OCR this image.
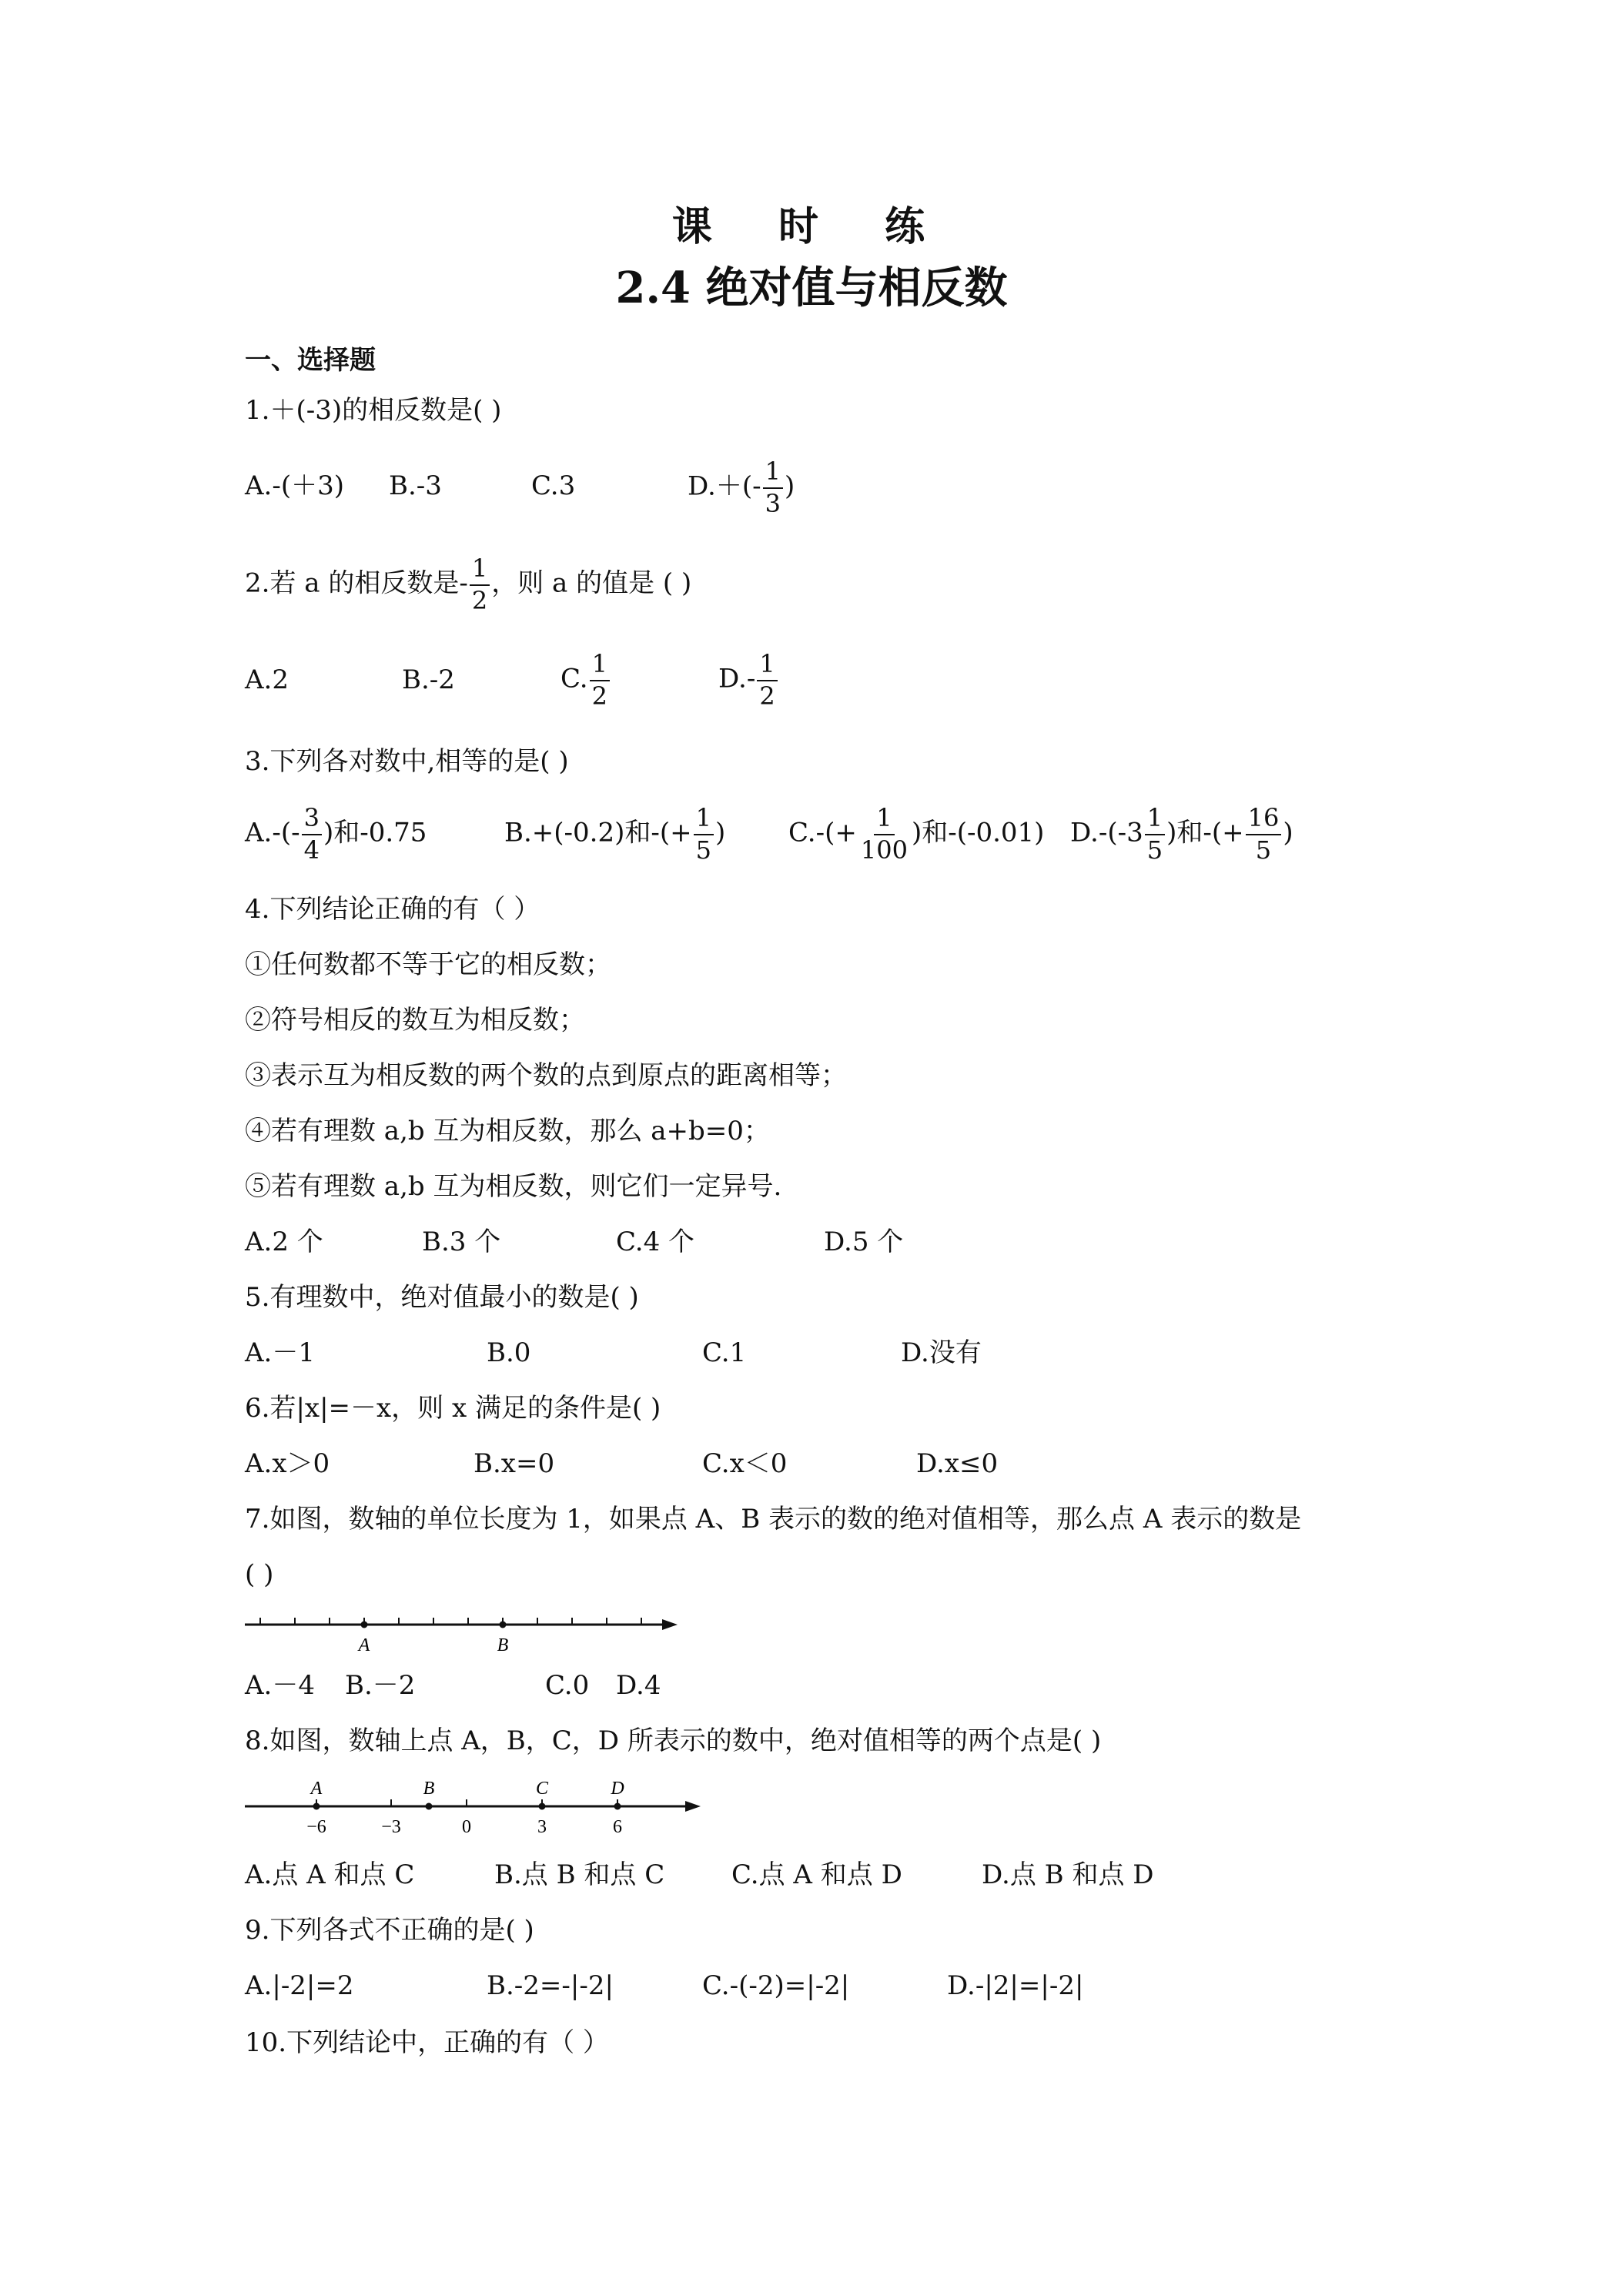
课 时 练
2.4 绝对值与相反数
一、选择题
1.＋(-3)的相反数是( )
A.-(＋3) B.-3	C.3	$D.+(- \frac{1}{3}$ )
2.若 a 的相反数是- $\frac{1}{2}$ ，则 a 的值是 ( )
A.2	B.-2	C. $\frac{1}{2}$	$D.- \frac{1}{2}$
3.下列各对数中,相等的是( )
$A.-(- \frac{3}{4}$ )和-0.75	B.+(-0.2)和-(+ $\frac{1}{5}$ ) $C.-(+ \frac{1}{100}$ )和-(-0.01) $D.-(-3 \frac{1}{5}$ )和-(+ $\frac{16}{5}$ )
4.下列结论正确的有（ ）
①任何数都不等于它的相反数；
②符号相反的数互为相反数；
③表示互为相反数的两个数的点到原点的距离相等；
④若有理数 a,b 互为相反数，那么 a+b=0；
⑤若有理数 a,b 互为相反数，则它们一定异号.
A.2 个	B.3 个	C.4 个	D.5 个
5.有理数中，绝对值最小的数是( )
A.－1	B.0	C.1	D.没有
6.若|x|=－x，则 x 满足的条件是( )
A.x＞0	B.x=0	C.x＜0	D.x≤0
7.如图，数轴的单位长度为 1，如果点 A、B 表示的数的绝对值相等，那么点 A 表示的数是
( )
A	B
A.－4 B.－2	C.0 D.4
8.如图，数轴上点 A，B，C，D 所表示的数中，绝对值相等的两个点是( )
A	B	C	D
−6	−3	0	3	6
A.点 A 和点 C	B.点 B 和点 C	C.点 A 和点 D	D.点 B 和点 D
9.下列各式不正确的是( )
A.|-2|=2	B.-2=-|-2|	C.-(-2)=|-2|	D.-|2|=|-2|
10.下列结论中，正确的有（ ）
